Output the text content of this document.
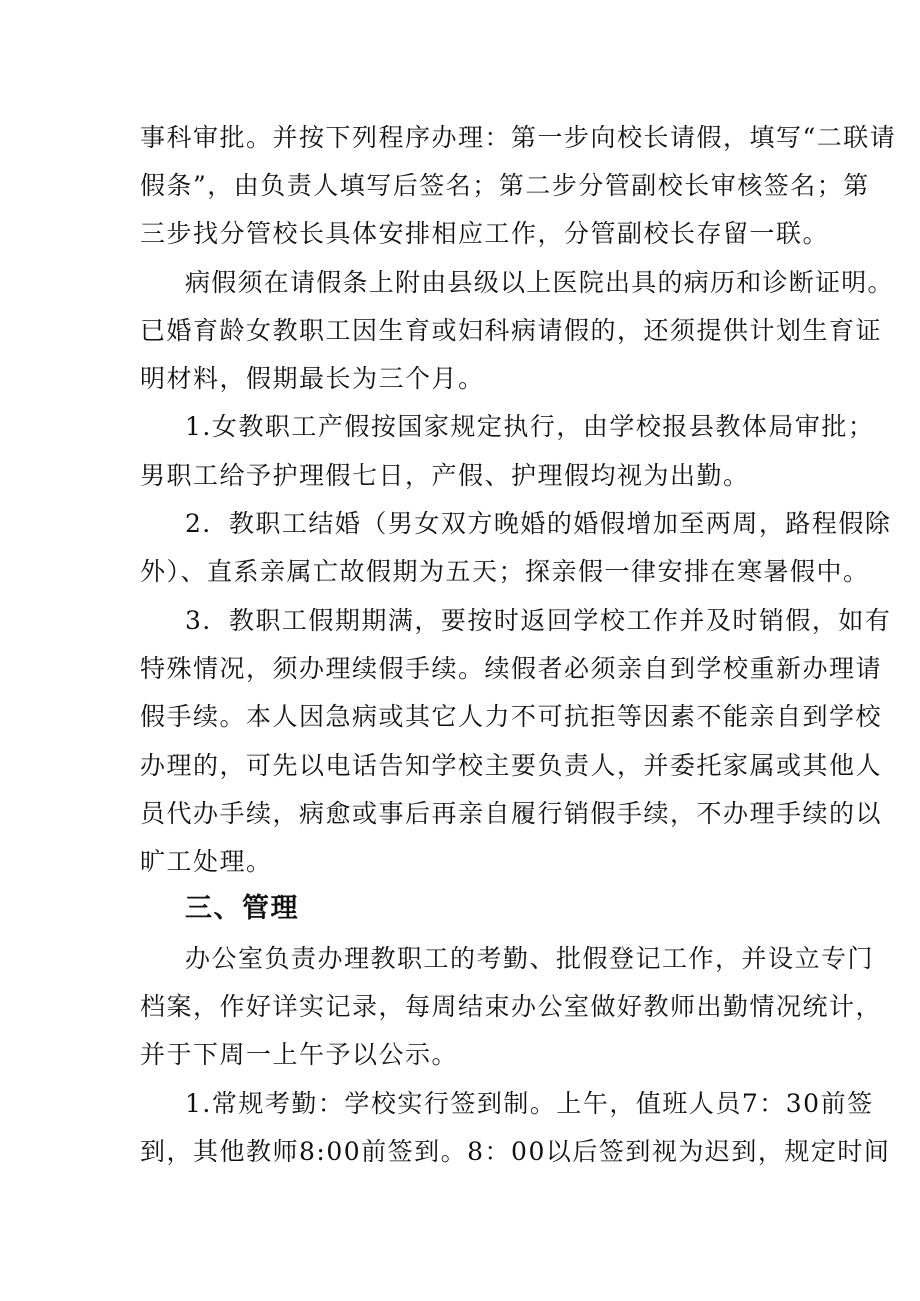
事科审批。并按下列程序办理：第一步向校长请假，填写“二联请
假条”，由负责人填写后签名；第二步分管副校长审核签名；第
三步找分管校长具体安排相应工作，分管副校长存留一联。
病假须在请假条上附由县级以上医院出具的病历和诊断证明。
已婚育龄女教职工因生育或妇科病请假的，还须提供计划生育证
明材料，假期最长为三个月。
1.女教职工产假按国家规定执行，由学校报县教体局审批；
男职工给予护理假七日，产假、护理假均视为出勤。
2．教职工结婚（男女双方晚婚的婚假增加至两周，路程假除
外）、直系亲属亡故假期为五天；探亲假一律安排在寒暑假中。
3．教职工假期期满，要按时返回学校工作并及时销假，如有
特殊情况，须办理续假手续。续假者必须亲自到学校重新办理请
假手续。本人因急病或其它人力不可抗拒等因素不能亲自到学校
办理的，可先以电话告知学校主要负责人，并委托家属或其他人
员代办手续，病愈或事后再亲自履行销假手续，不办理手续的以
旷工处理。
三、管理
办公室负责办理教职工的考勤、批假登记工作，并设立专门
档案，作好详实记录，每周结束办公室做好教师出勤情况统计，
并于下周一上午予以公示。
1.常规考勤：学校实行签到制。上午，值班人员7：30前签
到，其他教师8:00前签到。8：00以后签到视为迟到，规定时间
